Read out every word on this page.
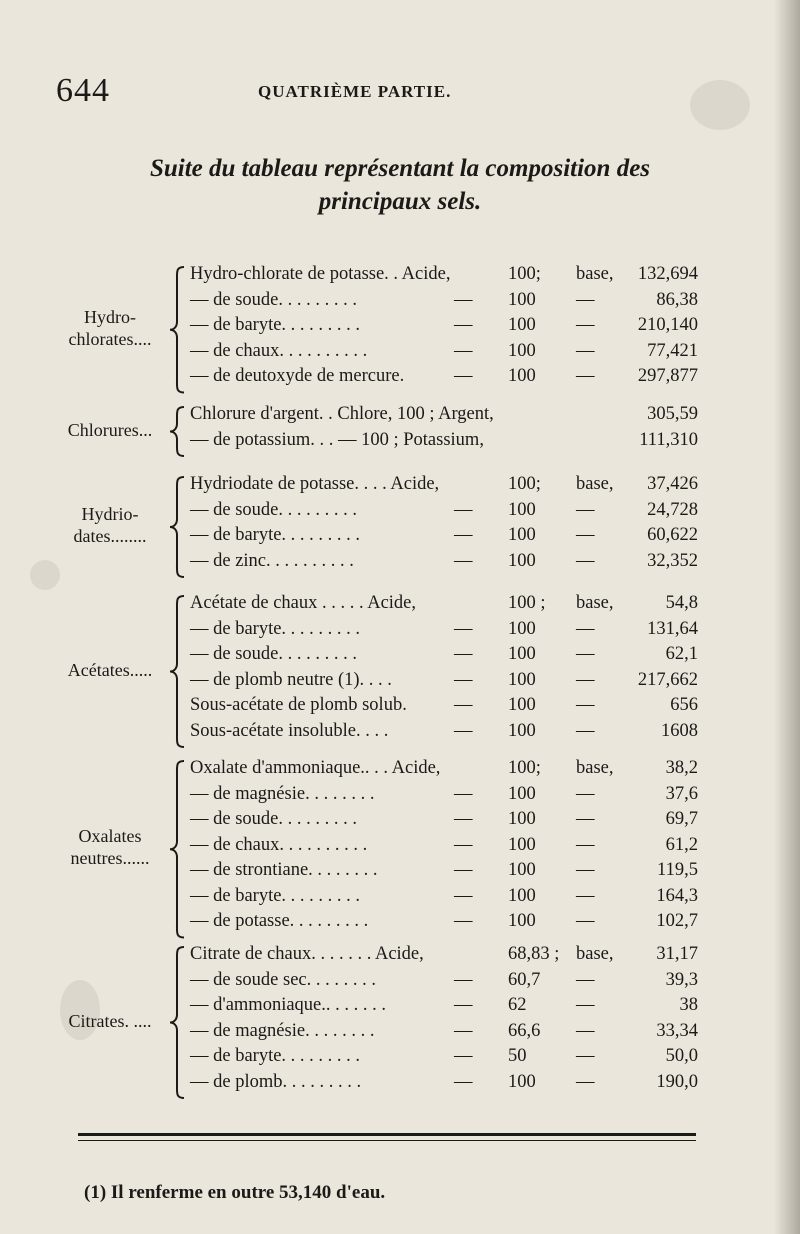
644	QUATRIÈME PARTIE.
Suite du tableau représentant la composition des
principaux sels.
Hydro-
chlorates....
Hydro-chlorate de potasse. . Acide,	100;	base,	132,694
— de soude. . . . . . . . .	— 100	—	86,38
— de baryte. . . . . . . . .	— 100	—	210,140
— de chaux. . . . . . . . . .	— 100	—	77,421
— de deutoxyde de mercure.	— 100	—	297,877
Chlorures...
Chlorure d'argent. . Chlore, 100 ; Argent,	305,59
— de potassium. . . — 100 ; Potassium,	111,310
Hydrio-
dates........
Hydriodate de potasse. . . . Acide,	100;	base,	37,426
— de soude. . . . . . . . .	— 100	—	24,728
— de baryte. . . . . . . . .	— 100	—	60,622
— de zinc. . . . . . . . . .	— 100	—	32,352
Acétates.....
Acétate de chaux . . . . . Acide,	100 ;	base,	54,8
— de baryte. . . . . . . . .	— 100	—	131,64
— de soude. . . . . . . . .	— 100	—	62,1
— de plomb neutre (1). . . .	— 100	—	217,662
Sous-acétate de plomb solub.	— 100	—	656
Sous-acétate insoluble. . . .	— 100	—	1608
Oxalates
neutres......
Oxalate d'ammoniaque.. . . Acide,	100;	base,	38,2
— de magnésie. . . . . . . .	— 100	—	37,6
— de soude. . . . . . . . .	— 100	—	69,7
— de chaux. . . . . . . . . .	— 100	—	61,2
— de strontiane. . . . . . . .	— 100	—	119,5
— de baryte. . . . . . . . .	— 100	—	164,3
— de potasse. . . . . . . . .	— 100	—	102,7
Citrates. ....
Citrate de chaux. . . . . . . Acide,	68,83 ; base,	31,17
— de soude sec. . . . . . . .	— 60,7	—	39,3
— d'ammoniaque.. . . . . . .	— 62	—	38
— de magnésie. . . . . . . .	— 66,6	—	33,34
— de baryte. . . . . . . . .	— 50	—	50,0
— de plomb. . . . . . . . .	— 100	—	190,0
(1) Il renferme en outre 53,140 d'eau.
